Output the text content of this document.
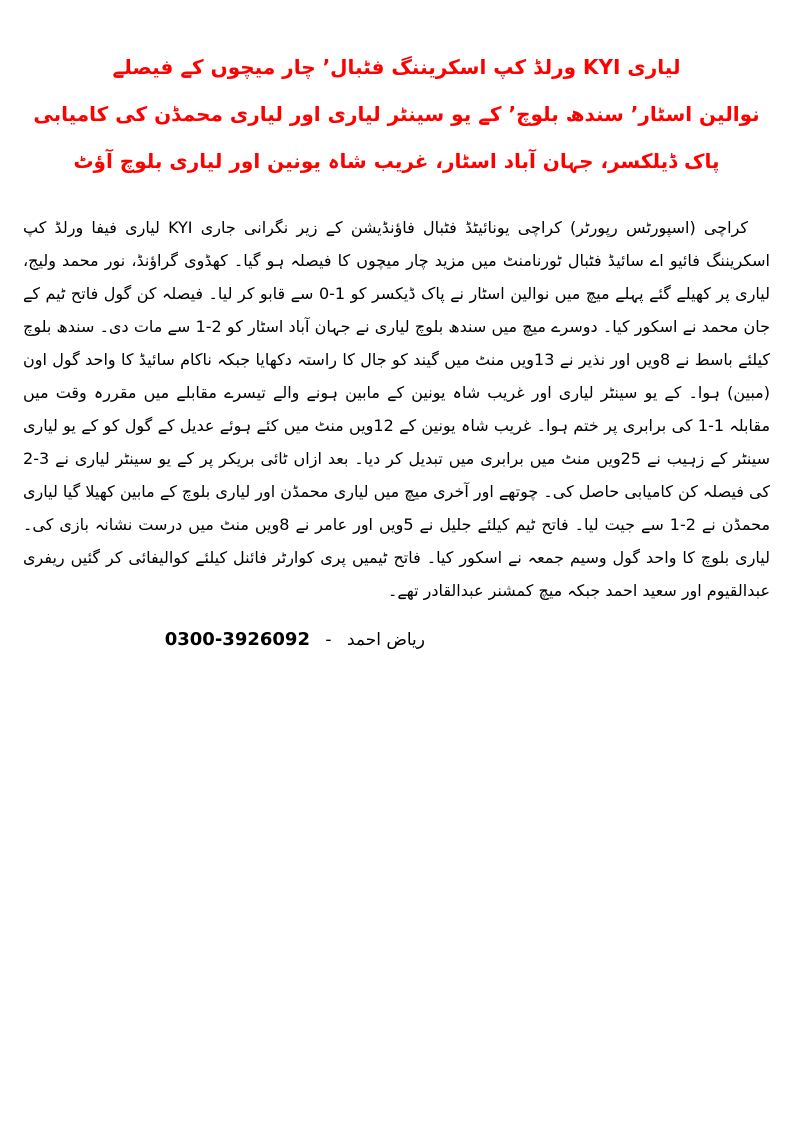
لیاری KYI ورلڈ کپ اسکریننگ فٹبال’ چار میچوں کے فیصلے
نوالین اسٹار’ سندھ بلوچ’ کے یو سینٹر لیاری اور لیاری محمڈن کی کامیابی
پاک ڈیلکسر، جہان آباد اسٹار، غریب شاہ یونین اور لیاری بلوچ آؤٹ

کراچی (اسپورٹس رپورٹر) کراچی یونائیٹڈ فٹبال فاؤنڈیشن کے زیر نگرانی جاری KYI لیاری فیفا ورلڈ کپ اسکریننگ فائیو اے سائیڈ فٹبال ٹورنامنٹ میں مزید چار میچوں کا فیصلہ ہو گیا۔ کھڈوی گراؤنڈ، نور محمد ولیج، لیاری پر کھیلے گئے پہلے میچ میں نوالین اسٹار نے پاک ڈیکسر کو 1-0 سے قابو کر لیا۔ فیصلہ کن گول فاتح ٹیم کے جان محمد نے اسکور کیا۔ دوسرے میچ میں سندھ بلوچ لیاری نے جہان آباد اسٹار کو 2-1 سے مات دی۔ سندھ بلوچ کیلئے باسط نے 8ویں اور نذیر نے 13ویں منٹ میں گیند کو جال کا راستہ دکھایا جبکہ ناکام سائیڈ کا واحد گول اون (مبین) ہوا۔ کے یو سینٹر لیاری اور غریب شاہ یونین کے مابین ہونے والے تیسرے مقابلے میں مقررہ وقت میں مقابلہ 1-1 کی برابری پر ختم ہوا۔ غریب شاہ یونین کے 12ویں منٹ میں کئے ہوئے عدیل کے گول کو کے یو لیاری سینٹر کے زہیب نے 25ویں منٹ میں برابری میں تبدیل کر دیا۔ بعد ازاں ٹائی بریکر پر کے یو سینٹر لیاری نے 3-2 کی فیصلہ کن کامیابی حاصل کی۔ چوتھے اور آخری میچ میں لیاری محمڈن اور لیاری بلوچ کے مابین کھیلا گیا لیاری محمڈن نے 2-1 سے جیت لیا۔ فاتح ٹیم کیلئے جلیل نے 5ویں اور عامر نے 8ویں منٹ میں درست نشانہ بازی کی۔ لیاری بلوچ کا واحد گول وسیم جمعہ نے اسکور کیا۔ فاتح ٹیمیں پری کوارٹر فائنل کیلئے کوالیفائی کر گئیں ریفری عبدالقیوم اور سعید احمد جبکہ میچ کمشنر عبدالقادر تھے۔

ریاض احمد - 0300-3926092
